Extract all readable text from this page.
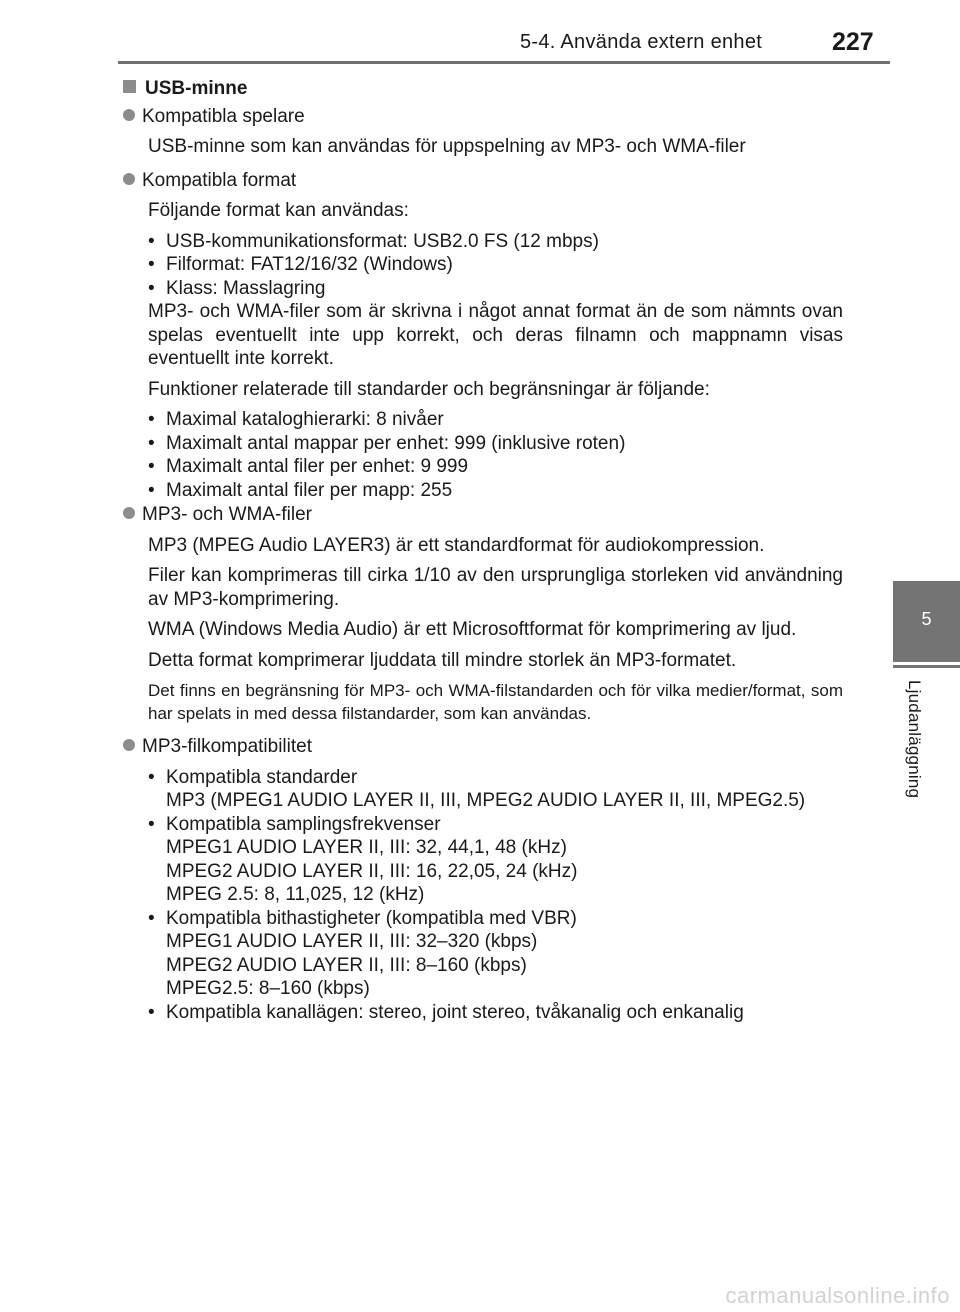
5-4. Använda extern enhet	227
5
Ljudanläggning
USB-minne
Kompatibla spelare
USB-minne som kan användas för uppspelning av MP3- och WMA-filer
Kompatibla format
Följande format kan användas:
• USB-kommunikationsformat: USB2.0 FS (12 mbps)
• Filformat: FAT12/16/32 (Windows)
• Klass: Masslagring
MP3- och WMA-filer som är skrivna i något annat format än de som nämnts ovan spelas eventuellt inte upp korrekt, och deras filnamn och mappnamn visas eventuellt inte korrekt.
Funktioner relaterade till standarder och begränsningar är följande:
• Maximal kataloghierarki: 8 nivåer
• Maximalt antal mappar per enhet: 999 (inklusive roten)
• Maximalt antal filer per enhet: 9 999
• Maximalt antal filer per mapp: 255
MP3- och WMA-filer
MP3 (MPEG Audio LAYER3) är ett standardformat för audiokompression.
Filer kan komprimeras till cirka 1/10 av den ursprungliga storleken vid användning av MP3-komprimering.
WMA (Windows Media Audio) är ett Microsoftformat för komprimering av ljud.
Detta format komprimerar ljuddata till mindre storlek än MP3-formatet.
Det finns en begränsning för MP3- och WMA-filstandarden och för vilka medier/format, som har spelats in med dessa filstandarder, som kan användas.
MP3-filkompatibilitet
• Kompatibla standarder
MP3 (MPEG1 AUDIO LAYER II, III, MPEG2 AUDIO LAYER II, III, MPEG2.5)
• Kompatibla samplingsfrekvenser
MPEG1 AUDIO LAYER II, III: 32, 44,1, 48 (kHz)
MPEG2 AUDIO LAYER II, III: 16, 22,05, 24 (kHz)
MPEG 2.5: 8, 11,025, 12 (kHz)
• Kompatibla bithastigheter (kompatibla med VBR)
MPEG1 AUDIO LAYER II, III: 32–320 (kbps)
MPEG2 AUDIO LAYER II, III: 8–160 (kbps)
MPEG2.5: 8–160 (kbps)
• Kompatibla kanallägen: stereo, joint stereo, tvåkanalig och enkanalig
carmanualsonline.info
